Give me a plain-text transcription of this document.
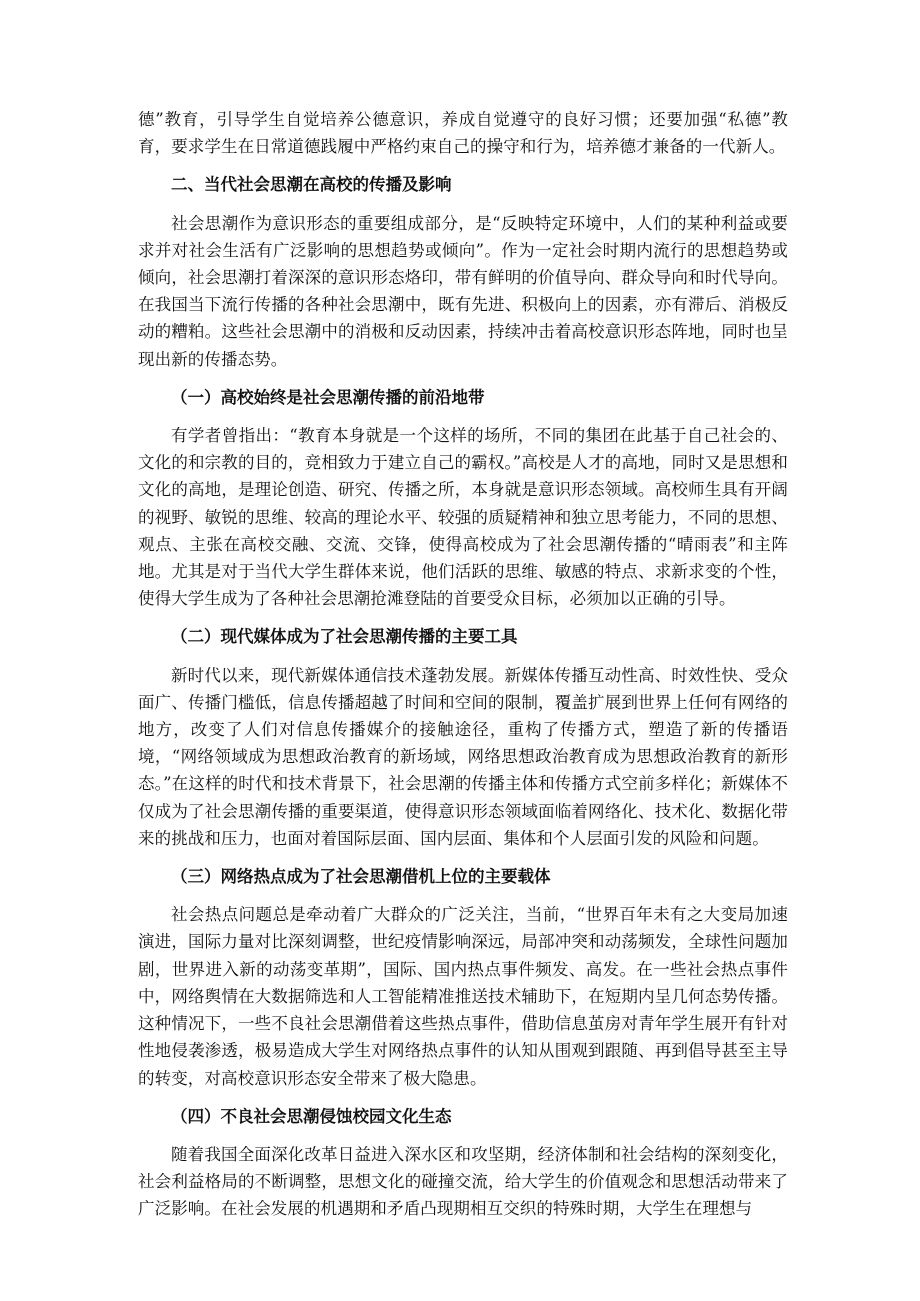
德”教育，引导学生自觉培养公德意识，养成自觉遵守的良好习惯；还要加强“私德”教育，要求学生在日常道德践履中严格约束自己的操守和行为，培养德才兼备的一代新人。

二、当代社会思潮在高校的传播及影响

社会思潮作为意识形态的重要组成部分，是“反映特定环境中，人们的某种利益或要求并对社会生活有广泛影响的思想趋势或倾向”。作为一定社会时期内流行的思想趋势或倾向，社会思潮打着深深的意识形态烙印，带有鲜明的价值导向、群众导向和时代导向。在我国当下流行传播的各种社会思潮中，既有先进、积极向上的因素，亦有滞后、消极反动的糟粕。这些社会思潮中的消极和反动因素，持续冲击着高校意识形态阵地，同时也呈现出新的传播态势。

（一）高校始终是社会思潮传播的前沿地带

有学者曾指出：“教育本身就是一个这样的场所，不同的集团在此基于自己社会的、文化的和宗教的目的，竞相致力于建立自己的霸权。”高校是人才的高地，同时又是思想和文化的高地，是理论创造、研究、传播之所，本身就是意识形态领域。高校师生具有开阔的视野、敏锐的思维、较高的理论水平、较强的质疑精神和独立思考能力，不同的思想、观点、主张在高校交融、交流、交锋，使得高校成为了社会思潮传播的“晴雨表”和主阵地。尤其是对于当代大学生群体来说，他们活跃的思维、敏感的特点、求新求变的个性，使得大学生成为了各种社会思潮抢滩登陆的首要受众目标，必须加以正确的引导。

（二）现代媒体成为了社会思潮传播的主要工具

新时代以来，现代新媒体通信技术蓬勃发展。新媒体传播互动性高、时效性快、受众面广、传播门槛低，信息传播超越了时间和空间的限制，覆盖扩展到世界上任何有网络的地方，改变了人们对信息传播媒介的接触途径，重构了传播方式，塑造了新的传播语境，“网络领域成为思想政治教育的新场域，网络思想政治教育成为思想政治教育的新形态。”在这样的时代和技术背景下，社会思潮的传播主体和传播方式空前多样化；新媒体不仅成为了社会思潮传播的重要渠道，使得意识形态领域面临着网络化、技术化、数据化带来的挑战和压力，也面对着国际层面、国内层面、集体和个人层面引发的风险和问题。

（三）网络热点成为了社会思潮借机上位的主要载体

社会热点问题总是牵动着广大群众的广泛关注，当前，“世界百年未有之大变局加速演进，国际力量对比深刻调整，世纪疫情影响深远，局部冲突和动荡频发，全球性问题加剧，世界进入新的动荡变革期”，国际、国内热点事件频发、高发。在一些社会热点事件中，网络舆情在大数据筛选和人工智能精准推送技术辅助下，在短期内呈几何态势传播。这种情况下，一些不良社会思潮借着这些热点事件，借助信息茧房对青年学生展开有针对性地侵袭渗透，极易造成大学生对网络热点事件的认知从围观到跟随、再到倡导甚至主导的转变，对高校意识形态安全带来了极大隐患。

（四）不良社会思潮侵蚀校园文化生态

随着我国全面深化改革日益进入深水区和攻坚期，经济体制和社会结构的深刻变化，社会利益格局的不断调整，思想文化的碰撞交流，给大学生的价值观念和思想活动带来了广泛影响。在社会发展的机遇期和矛盾凸现期相互交织的特殊时期，大学生在理想与
